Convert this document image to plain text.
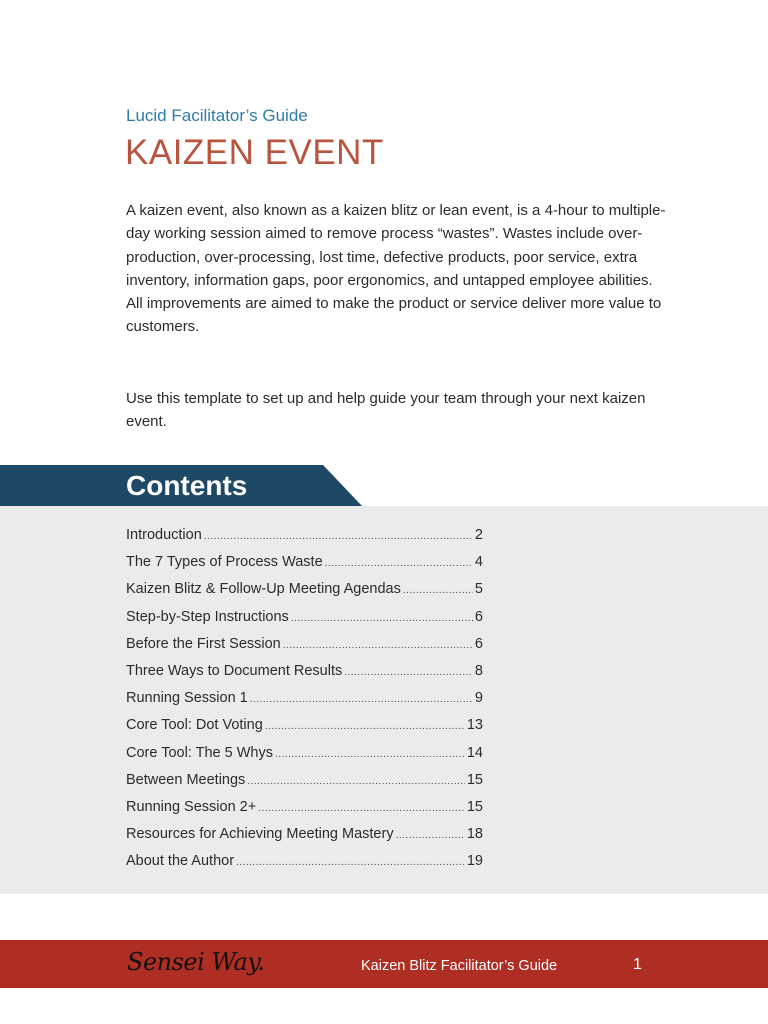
Lucid Facilitator’s Guide
KAIZEN EVENT

A kaizen event, also known as a kaizen blitz or lean event, is a 4-hour to multiple-day working session aimed to remove process “wastes”. Wastes include over-production, over-processing, lost time, defective products, poor service, extra inventory, information gaps, poor ergonomics, and untapped employee abilities. All improvements are aimed to make the product or service deliver more value to customers.

Use this template to set up and help guide your team through your next kaizen event.

Contents
Introduction .....	2
The 7 Types of Process Waste .....	4
Kaizen Blitz & Follow-Up Meeting Agendas .....	5
Step-by-Step Instructions .....	6
Before the First Session .....	6
Three Ways to Document Results .....	8
Running Session 1 .....	9
Core Tool: Dot Voting .....	13
Core Tool: The 5 Whys .....	14
Between Meetings .....	15
Running Session 2+ .....	15
Resources for Achieving Meeting Mastery .....	18
About the Author .....	19
Sensei Way.	Kaizen Blitz Facilitator’s Guide	1
